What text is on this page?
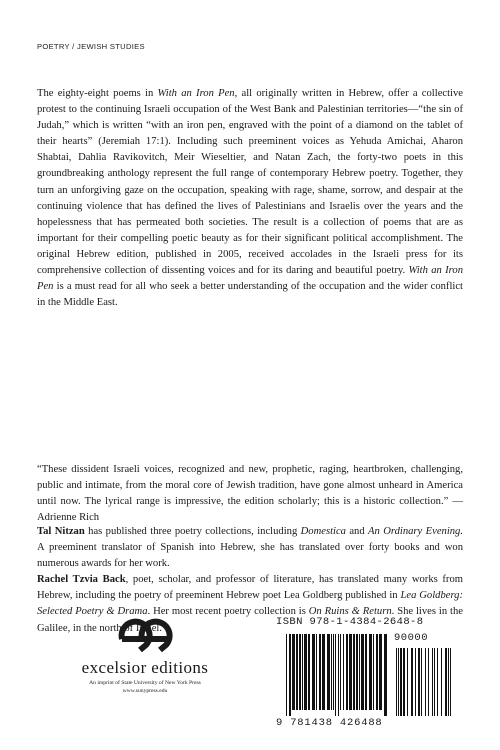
POETRY / JEWISH STUDIES

The eighty-eight poems in With an Iron Pen, all originally written in Hebrew, offer a collective protest to the continuing Israeli occupation of the West Bank and Palestinian territories—“the sin of Judah,” which is written “with an iron pen, engraved with the point of a diamond on the tablet of their hearts” (Jeremiah 17:1). Including such preeminent voices as Yehuda Amichai, Aharon Shabtai, Dahlia Ravikovitch, Meir Wieseltier, and Natan Zach, the forty-two poets in this groundbreaking anthology represent the full range of contemporary Hebrew poetry. Together, they turn an unforgiving gaze on the occupation, speaking with rage, shame, sorrow, and despair at the continuing violence that has defined the lives of Palestinians and Israelis over the years and the hopelessness that has permeated both societies. The result is a collection of poems that are as important for their compelling poetic beauty as for their significant political accomplishment. The original Hebrew edition, published in 2005, received accolades in the Israeli press for its comprehensive collection of dissenting voices and for its daring and beautiful poetry. With an Iron Pen is a must read for all who seek a better understanding of the occupation and the wider conflict in the Middle East.

“These dissident Israeli voices, recognized and new, prophetic, raging, heartbroken, challenging, public and intimate, from the moral core of Jewish tradition, have gone almost unheard in America until now. The lyrical range is impressive, the edition scholarly; this is a historic collection.” — Adrienne Rich

Tal Nitzan has published three poetry collections, including Domestica and An Ordinary Evening. A preeminent translator of Spanish into Hebrew, she has translated over forty books and won numerous awards for her work.

Rachel Tzvia Back, poet, scholar, and professor of literature, has translated many works from Hebrew, including the poetry of preeminent Hebrew poet Lea Goldberg published in Lea Goldberg: Selected Poetry & Drama. Her most recent poetry collection is On Ruins & Return. She lives in the Galilee, in the north of Israel.

excelsior editions
An imprint of State University of New York Press
www.sunypress.edu
ISBN 978-1-4384-2648-8
90000
9 781438 426488
